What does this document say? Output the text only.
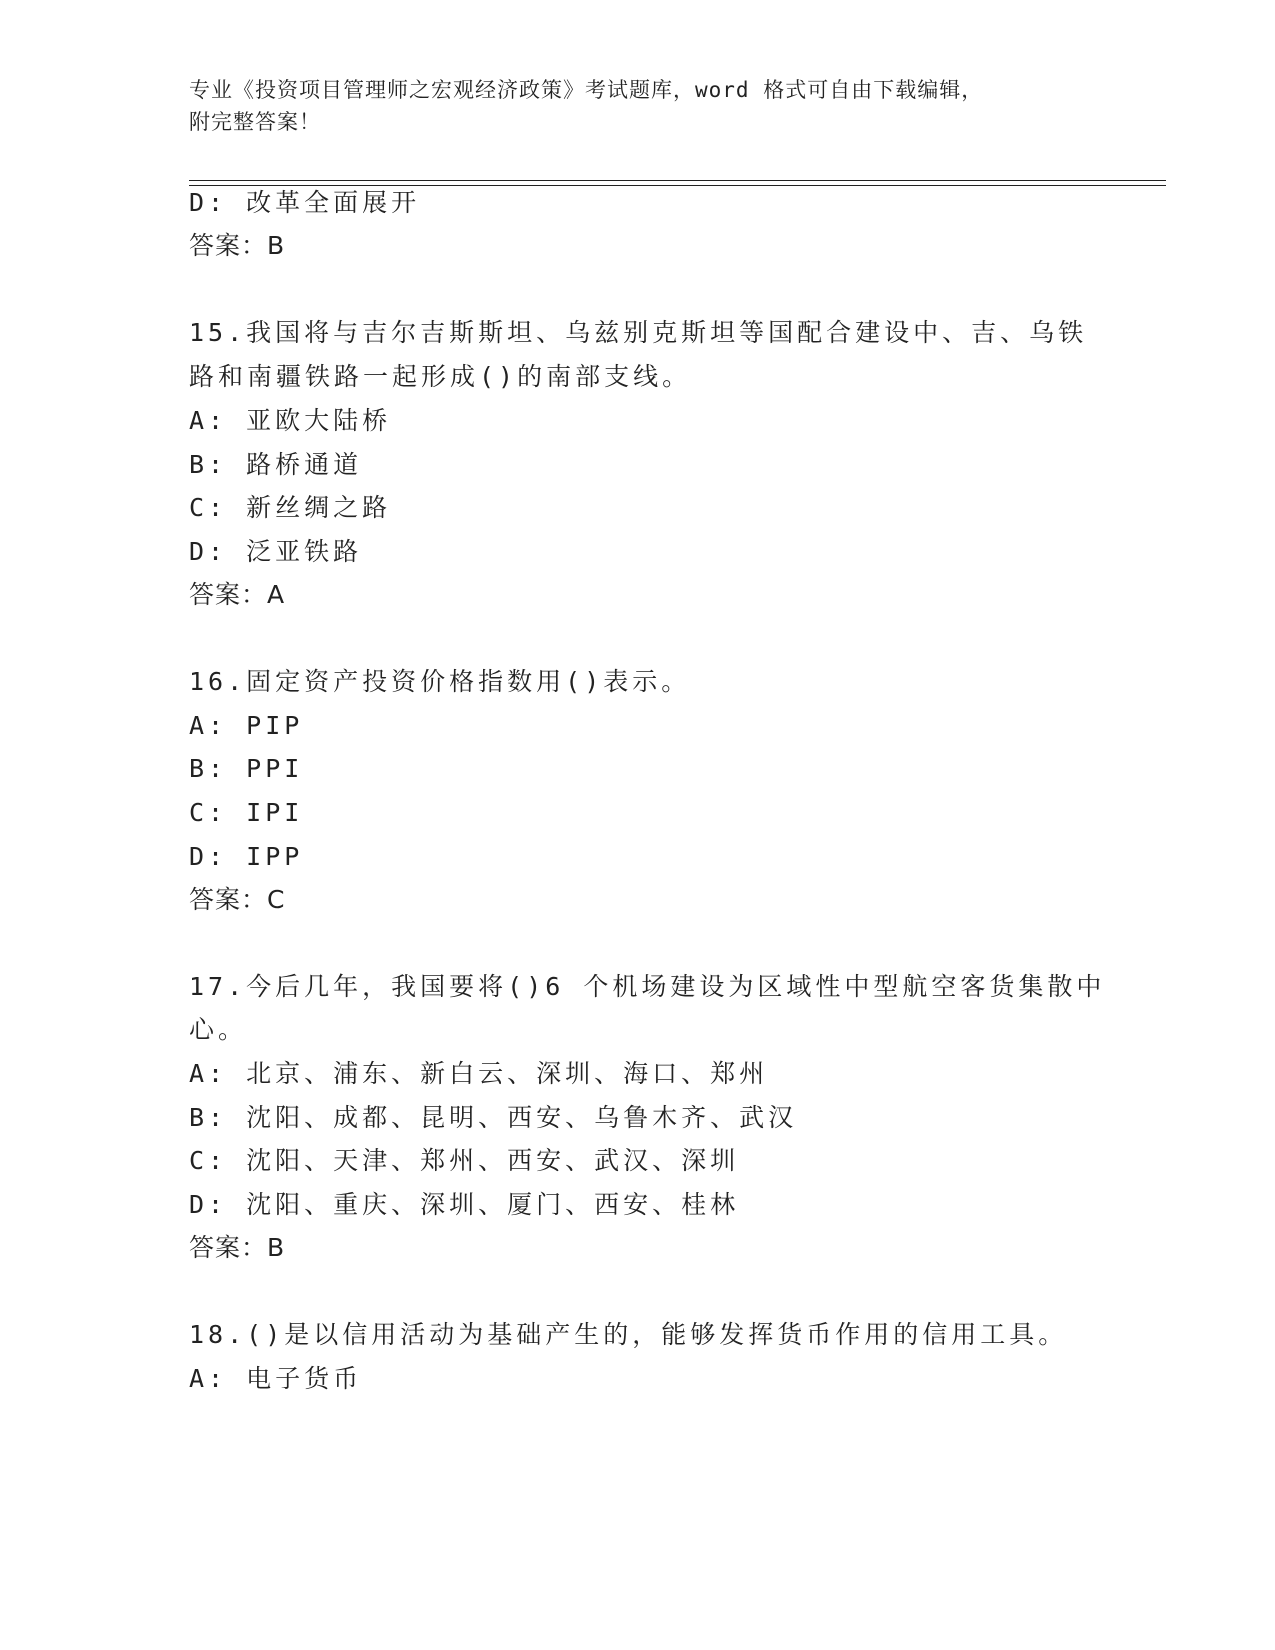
专业《投资项目管理师之宏观经济政策》考试题库，word 格式可自由下载编辑，
附完整答案！
D: 改革全面展开
答案：B
15.我国将与吉尔吉斯斯坦、乌兹别克斯坦等国配合建设中、吉、乌铁
路和南疆铁路一起形成()的南部支线。
A: 亚欧大陆桥
B: 路桥通道
C: 新丝绸之路
D: 泛亚铁路
答案：A
16.固定资产投资价格指数用()表示。
A: PIP
B: PPI
C: IPI
D: IPP
答案：C
17.今后几年，我国要将()6 个机场建设为区域性中型航空客货集散中
心。
A: 北京、浦东、新白云、深圳、海口、郑州
B: 沈阳、成都、昆明、西安、乌鲁木齐、武汉
C: 沈阳、天津、郑州、西安、武汉、深圳
D: 沈阳、重庆、深圳、厦门、西安、桂林
答案：B
18.()是以信用活动为基础产生的，能够发挥货币作用的信用工具。
A: 电子货币
